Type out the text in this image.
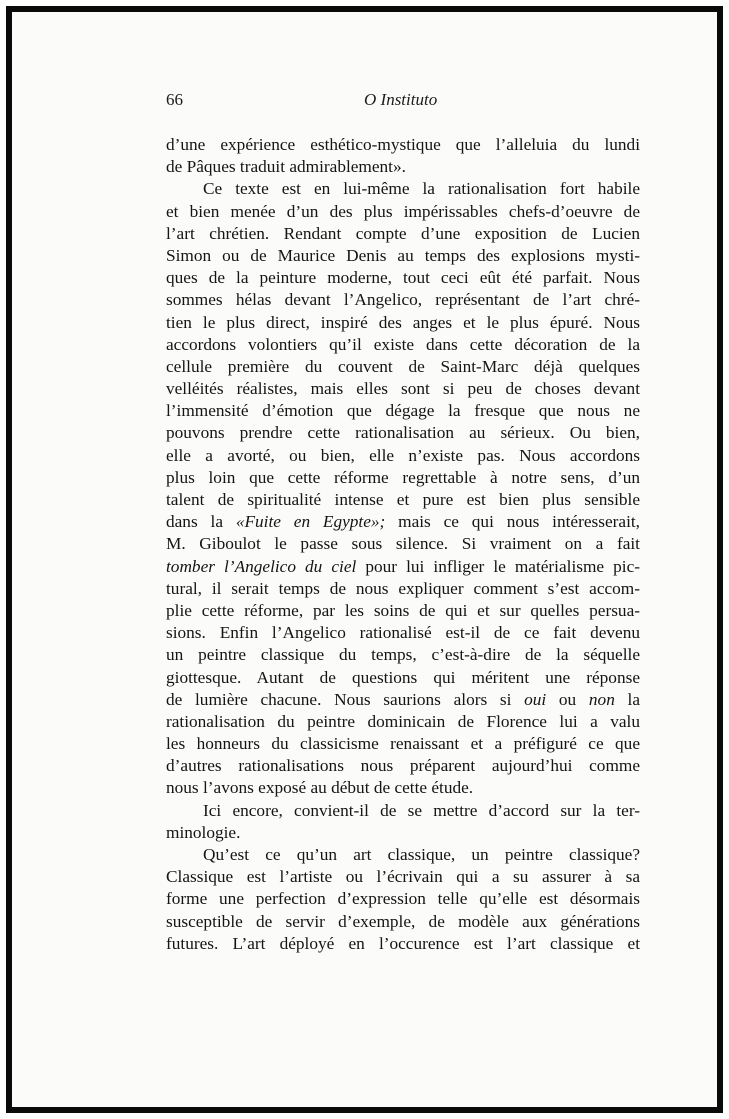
66	O Instituto
d’une expérience esthético-mystique que l’alleluia du lundi
de Pâques traduit admirablement».
Ce texte est en lui-même la rationalisation fort habile
et bien menée d’un des plus impérissables chefs-d’oeuvre de
l’art chrétien. Rendant compte d’une exposition de Lucien
Simon ou de Maurice Denis au temps des explosions mysti-
ques de la peinture moderne, tout ceci eût été parfait. Nous
sommes hélas devant l’Angelico, représentant de l’art chré-
tien le plus direct, inspiré des anges et le plus épuré. Nous
accordons volontiers qu’il existe dans cette décoration de la
cellule première du couvent de Saint-Marc déjà quelques
velléités réalistes, mais elles sont si peu de choses devant
l’immensité d’émotion que dégage la fresque que nous ne
pouvons prendre cette rationalisation au sérieux. Ou bien,
elle a avorté, ou bien, elle n’existe pas. Nous accordons
plus loin que cette réforme regrettable à notre sens, d’un
talent de spiritualité intense et pure est bien plus sensible
dans la «Fuite en Egypte»; mais ce qui nous intéresserait,
M. Giboulot le passe sous silence. Si vraiment on a fait
tomber l’Angelico du ciel pour lui infliger le matérialisme pic-
tural, il serait temps de nous expliquer comment s’est accom-
plie cette réforme, par les soins de qui et sur quelles persua-
sions. Enfin l’Angelico rationalisé est-il de ce fait devenu
un peintre classique du temps, c’est-à-dire de la séquelle
giottesque. Autant de questions qui méritent une réponse
de lumière chacune. Nous saurions alors si oui ou non la
rationalisation du peintre dominicain de Florence lui a valu
les honneurs du classicisme renaissant et a préfiguré ce que
d’autres rationalisations nous préparent aujourd’hui comme
nous l’avons exposé au début de cette étude.
Ici encore, convient-il de se mettre d’accord sur la ter-
minologie.
Qu’est ce qu’un art classique, un peintre classique?
Classique est l’artiste ou l’écrivain qui a su assurer à sa
forme une perfection d’expression telle qu’elle est désormais
susceptible de servir d’exemple, de modèle aux générations
futures. L’art déployé en l’occurence est l’art classique et
